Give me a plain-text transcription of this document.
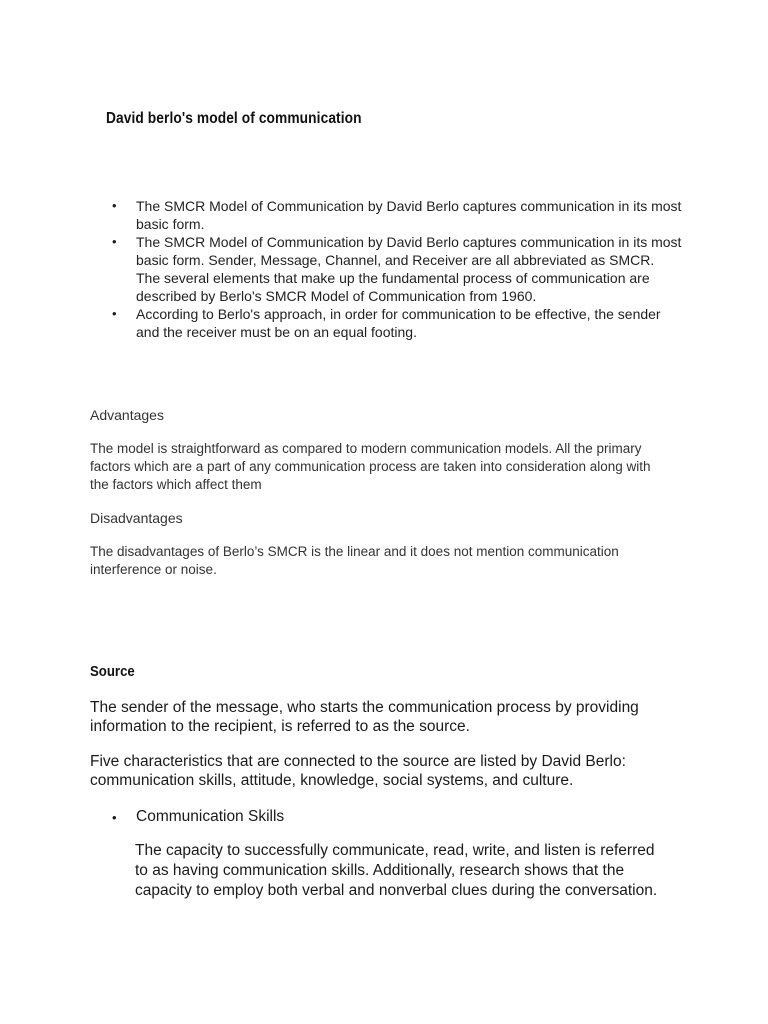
David berlo's model of communication
• The SMCR Model of Communication by David Berlo captures communication in its most basic form.
• The SMCR Model of Communication by David Berlo captures communication in its most basic form. Sender, Message, Channel, and Receiver are all abbreviated as SMCR. The several elements that make up the fundamental process of communication are described by Berlo's SMCR Model of Communication from 1960.
• According to Berlo's approach, in order for communication to be effective, the sender and the receiver must be on an equal footing.

Advantages

The model is straightforward as compared to modern communication models. All the primary factors which are a part of any communication process are taken into consideration along with the factors which affect them

Disadvantages

The disadvantages of Berlo’s SMCR is the linear and it does not mention communication interference or noise.

Source

The sender of the message, who starts the communication process by providing information to the recipient, is referred to as the source.

Five characteristics that are connected to the source are listed by David Berlo: communication skills, attitude, knowledge, social systems, and culture.

• Communication Skills

The capacity to successfully communicate, read, write, and listen is referred to as having communication skills. Additionally, research shows that the capacity to employ both verbal and nonverbal clues during the conversation.
